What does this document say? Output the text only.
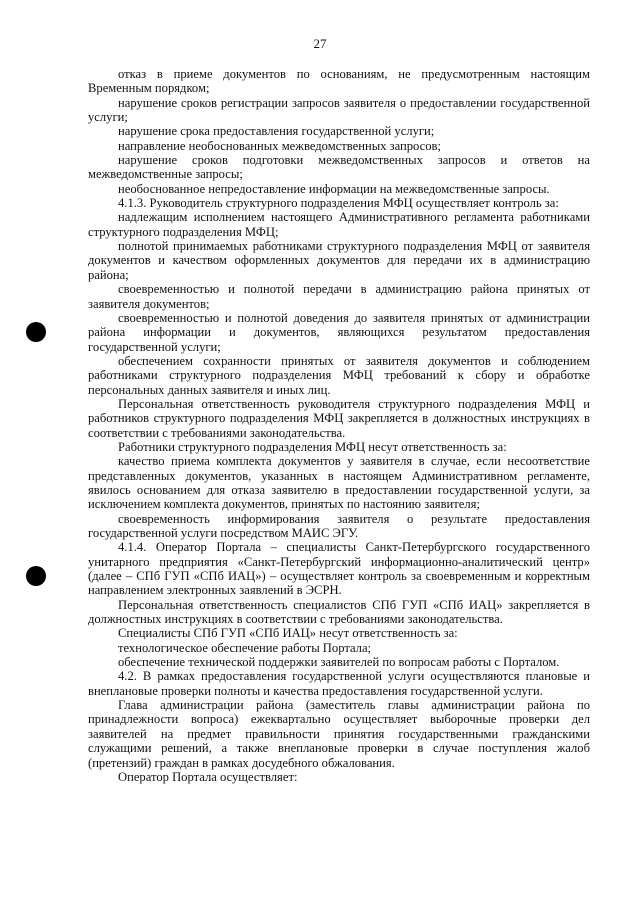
27

отказ в приеме документов по основаниям, не предусмотренным настоящим Временным порядком;

нарушение сроков регистрации запросов заявителя о предоставлении государственной услуги;

нарушение срока предоставления государственной услуги;

направление необоснованных межведомственных запросов;

нарушение сроков подготовки межведомственных запросов и ответов на межведомственные запросы;

необоснованное непредоставление информации на межведомственные запросы.

4.1.3. Руководитель структурного подразделения МФЦ осуществляет контроль за:

надлежащим исполнением настоящего Административного регламента работниками структурного подразделения МФЦ;

полнотой принимаемых работниками структурного подразделения МФЦ от заявителя документов и качеством оформленных документов для передачи их в администрацию района;

своевременностью и полнотой передачи в администрацию района принятых от заявителя документов;

своевременностью и полнотой доведения до заявителя принятых от администрации района информации и документов, являющихся результатом предоставления государственной услуги;

обеспечением сохранности принятых от заявителя документов и соблюдением работниками структурного подразделения МФЦ требований к сбору и обработке персональных данных заявителя и иных лиц.

Персональная ответственность руководителя структурного подразделения МФЦ и работников структурного подразделения МФЦ закрепляется в должностных инструкциях в соответствии с требованиями законодательства.

Работники структурного подразделения МФЦ несут ответственность за:

качество приема комплекта документов у заявителя в случае, если несоответствие представленных документов, указанных в настоящем Административном регламенте, явилось основанием для отказа заявителю в предоставлении государственной услуги, за исключением комплекта документов, принятых по настоянию заявителя;

своевременность информирования заявителя о результате предоставления государственной услуги посредством МАИС ЭГУ.

4.1.4. Оператор Портала – специалисты Санкт-Петербургского государственного унитарного предприятия «Санкт-Петербургский информационно-аналитический центр» (далее – СПб ГУП «СПб ИАЦ») – осуществляет контроль за своевременным и корректным направлением электронных заявлений в ЭСРН.

Персональная ответственность специалистов СПб ГУП «СПб ИАЦ» закрепляется в должностных инструкциях в соответствии с требованиями законодательства.

Специалисты СПб ГУП «СПб ИАЦ» несут ответственность за:

технологическое обеспечение работы Портала;

обеспечение технической поддержки заявителей по вопросам работы с Порталом.

4.2. В рамках предоставления государственной услуги осуществляются плановые и внеплановые проверки полноты и качества предоставления государственной услуги.

Глава администрации района (заместитель главы администрации района по принадлежности вопроса) ежеквартально осуществляет выборочные проверки дел заявителей на предмет правильности принятия государственными гражданскими служащими решений, а также внеплановые проверки в случае поступления жалоб (претензий) граждан в рамках досудебного обжалования.

Оператор Портала осуществляет:
